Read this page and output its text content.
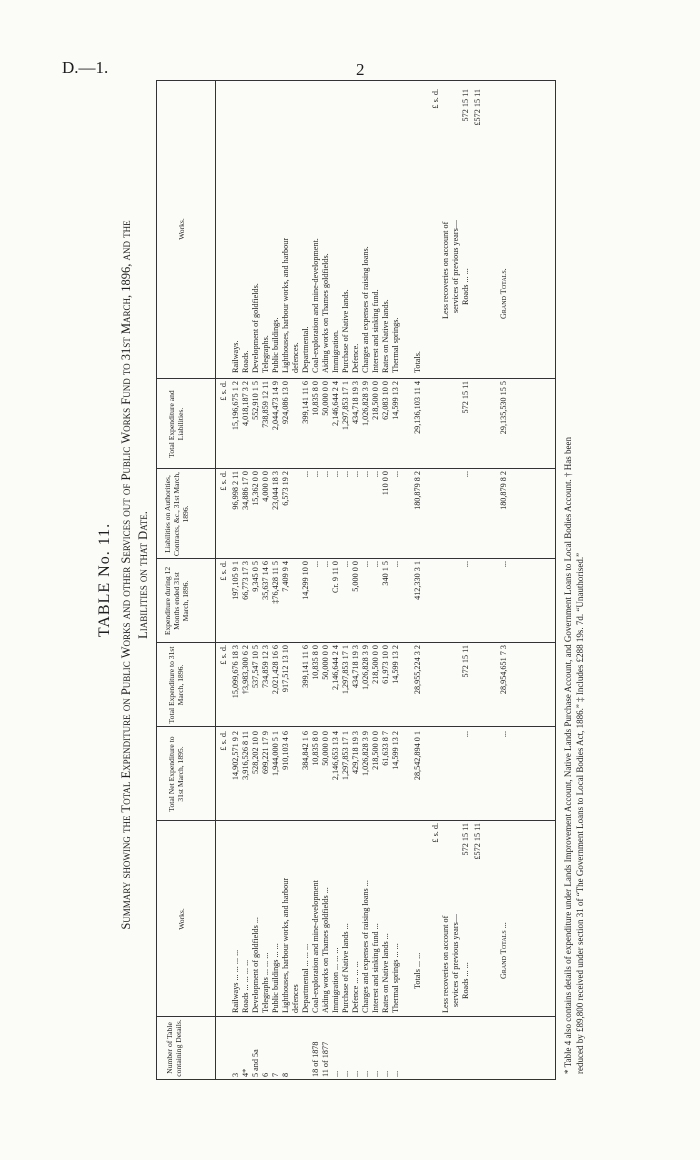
D.—1.	2
TABLE No. 11. Summary showing the Total Expenditure on Public Works and other Services out of Public Works Fund to 31st March, 1896, and the Liabilities on that Date.
Number of Table containing Details.
Works.
Total Net Expenditure to 31st March, 1895.
Expenditure during 12 Months ended 31st March, 1896.
Total Expenditure to 31st March, 1896.
Liabilities on Authorities, Contracts, &c., 31st March, 1896.
Total Expenditure and Liabilities.
Works.
£ s. d.
£ s. d.
£ s. d.
£ s. d.
£ s. d.
3
Railways ... ... ... ...
14,902,571 9 2
15,099,676 18 3
197,105 9 1
96,998 2 11
15,196,675 1 2
Railways.
4*
Roads ... ... ... ...
3,916,526 8 11
†3,983,300 6 2
66,773 17 3
34,886 17 0
4,018,187 3 2
Roads.
5 and 5a
Development of goldfields ...
528,202 10 0
537,547 10 5
9,345 0 5
15,362 0 0
552,910 1 5
Development of goldfields.
6
Telegraphs ... ... ...
699,221 17 9
734,859 12 3
35,637 14 6
4,000 0 0
738,859 12 11
Telegraphs.
7
Public buildings ... ...
1,944,000 5 1
2,021,428 16 6
‡76,428 11 5
23,044 18 3
2,044,473 14 9
Public buildings.
8
Lighthouses, harbour works, and harbour
910,103 4 6
917,512 13 10
7,409 9 4
6,573 19 2
924,086 13 0
Lighthouses, harbour works, and harbour
defences
defences.
Departmental ... ... ...
384,842 1 6
399,141 11 6
14,299 10 0
...
399,141 11 6
Departmental.
18 of 1878
Coal-exploration and mine-development
10,835 8 0
10,835 8 0
...
...
10,835 8 0
Coal-exploration and mine-development.
11 of 1877
Aiding works on Thames goldfields ...
50,000 0 0
50,000 0 0
...
...
50,000 0 0
Aiding works on Thames goldfields.
...
Immigration ... ... ...
2,146,653 13 4
2,146,644 2 4
Cr. 9 11 0
...
2,146,644 2 4
Immigration.
...
Purchase of Native lands ...
1,297,853 17 1
1,297,853 17 1
...
...
1,297,853 17 1
Purchase of Native lands.
...
Defence ... ... ...
429,718 19 3
434,718 19 3
5,000 0 0
...
434,718 19 3
Defence.
...
Charges and expenses of raising loans ...
1,026,828 3 9
1,026,828 3 9
...
...
1,026,828 3 9
Charges and expenses of raising loans.
...
Interest and sinking fund ...
218,500 0 0
218,500 0 0
...
...
218,500 0 0
Interest and sinking fund.
...
Rates on Native lands ...
61,633 8 7
61,973 10 0
340 1 5
110 0 0
62,083 10 0
Rates on Native lands.
...
Thermal springs ... ...
14,599 13 2
14,599 13 2
...
...
14,599 13 2
Thermal springs.
Totals ... ...
28,542,894 0 1
28,955,224 3 2
412,330 3 1
180,879 8 2
29,136,103 11 4
Totals.
£ s. d.
Less recoveries on account of services of previous years— Roads ... ...
572 15 11 £572 15 11
...
572 15 11
...
...
572 15 11
£ s. d.
Less recoveries on account of services of previous years— Roads ... ...
572 15 11 £572 15 11
Grand Totals ...
...
28,954,651 7 3
...
180,879 8 2
29,135,530 15 5
Grand Totals.
* Table 4 also contains details of expenditure under Lands Improvement Account, Native Lands Purchase Account, and Government Loans to Local Bodies Account. † Has been reduced by £89,800 received under section 31 of “The Government Loans to Local Bodies Act, 1886.” ‡ Includes £288 19s. 7d. “Unauthorised.”
